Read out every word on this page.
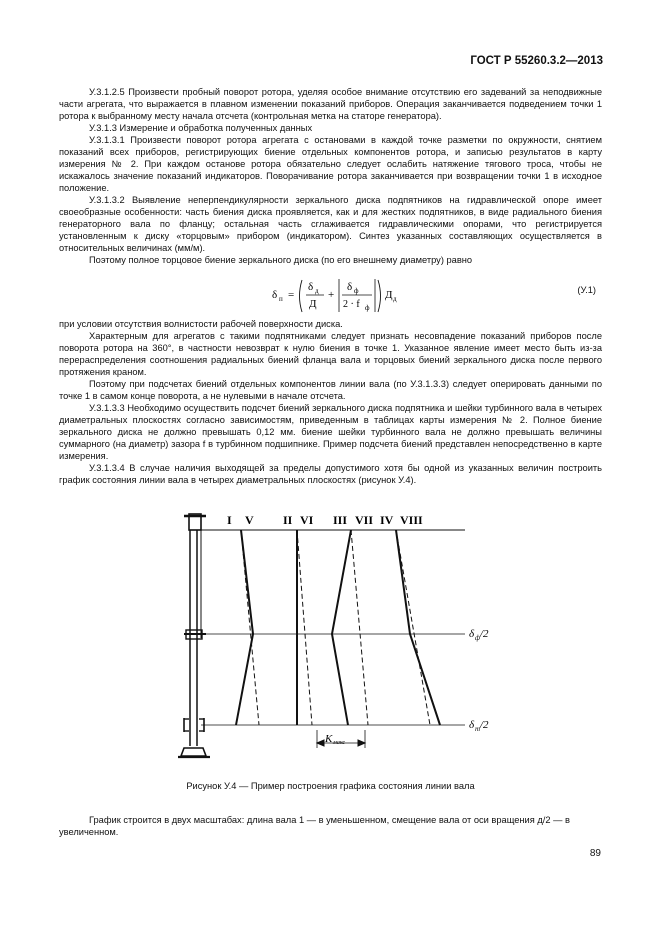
ГОСТ Р 55260.3.2—2013

У.3.1.2.5 Произвести пробный поворот ротора, уделяя особое внимание отсутствию его задеваний за неподвижные части агрегата, что выражается в плавном изменении показаний приборов. Операция заканчивается подведением точки 1 ротора к выбранному месту начала отсчета (контрольная метка на статоре генератора).

У.3.1.3 Измерение и обработка полученных данных

У.3.1.3.1 Произвести поворот ротора агрегата с остановами в каждой точке разметки по окружности, снятием показаний всех приборов, регистрирующих биение отдельных компонентов ротора, и записью результатов в карту измерения № 2. При каждом останове ротора обязательно следует ослабить натяжение тягового троса, чтобы не искажалось значение показаний индикаторов. Поворачивание ротора заканчивается при возвращении точки 1 в исходное положение.

У.3.1.3.2 Выявление неперпендикулярности зеркального диска подпятников на гидравлической опоре имеет своеобразные особенности: часть биения диска проявляется, как и для жестких подпятников, в виде радиального биения генераторного вала по фланцу; остальная часть сглаживается гидравлическими опорами, что регистрируется установленным к диску «торцовым» прибором (индикатором). Синтез указанных составляющих осуществляется в относительных величинах (мм/м).

Поэтому полное торцовое биение зеркального диска (по его внешнему диаметру) равно

δ п =
δ д
Д
+
δ ф
2 · f ф
Д д
(У.1)

при условии отсутствия волнистости рабочей поверхности диска.

Характерным для агрегатов с такими подпятниками следует признать несовпадение показаний приборов после поворота ротора на 360°, в частности невозврат к нулю биения в точке 1. Указанное явление имеет место быть из-за перераспределения соотношения радиальных биений фланца вала и торцовых биений зеркального диска после первого протяжения краном.

Поэтому при подсчетах биений отдельных компонентов линии вала (по У.3.1.3.3) следует оперировать данными по точке 1 в самом конце поворота, а не нулевыми в начале отсчета.

У.3.1.3.3 Необходимо осуществить подсчет биений зеркального диска подпятника и шейки турбинного вала в четырех диаметральных плоскостях согласно зависимостям, приведенным в таблицах карты измерения № 2. Полное биение зеркального диска не должно превышать 0,12 мм. биение шейки турбинного вала не должно превышать величины суммарного (на диаметр) зазора f в турбинном подшипнике. Пример подсчета биений представлен непосредственно в карте измерения.

У.3.1.3.4 В случае наличия выходящей за пределы допустимого хотя бы одной из указанных величин построить график состояния линии вала в четырех диаметральных плоскостях (рисунок У.4).

I V II VI III VII IV VIII
K макс
δ ф /2
δ т /2
Рисунок У.4 — Пример построения графика состояния линии вала

График строится в двух масштабах: длина вала 1 — в уменьшенном, смещение вала от оси вращения д/2 — в увеличенном.

89
